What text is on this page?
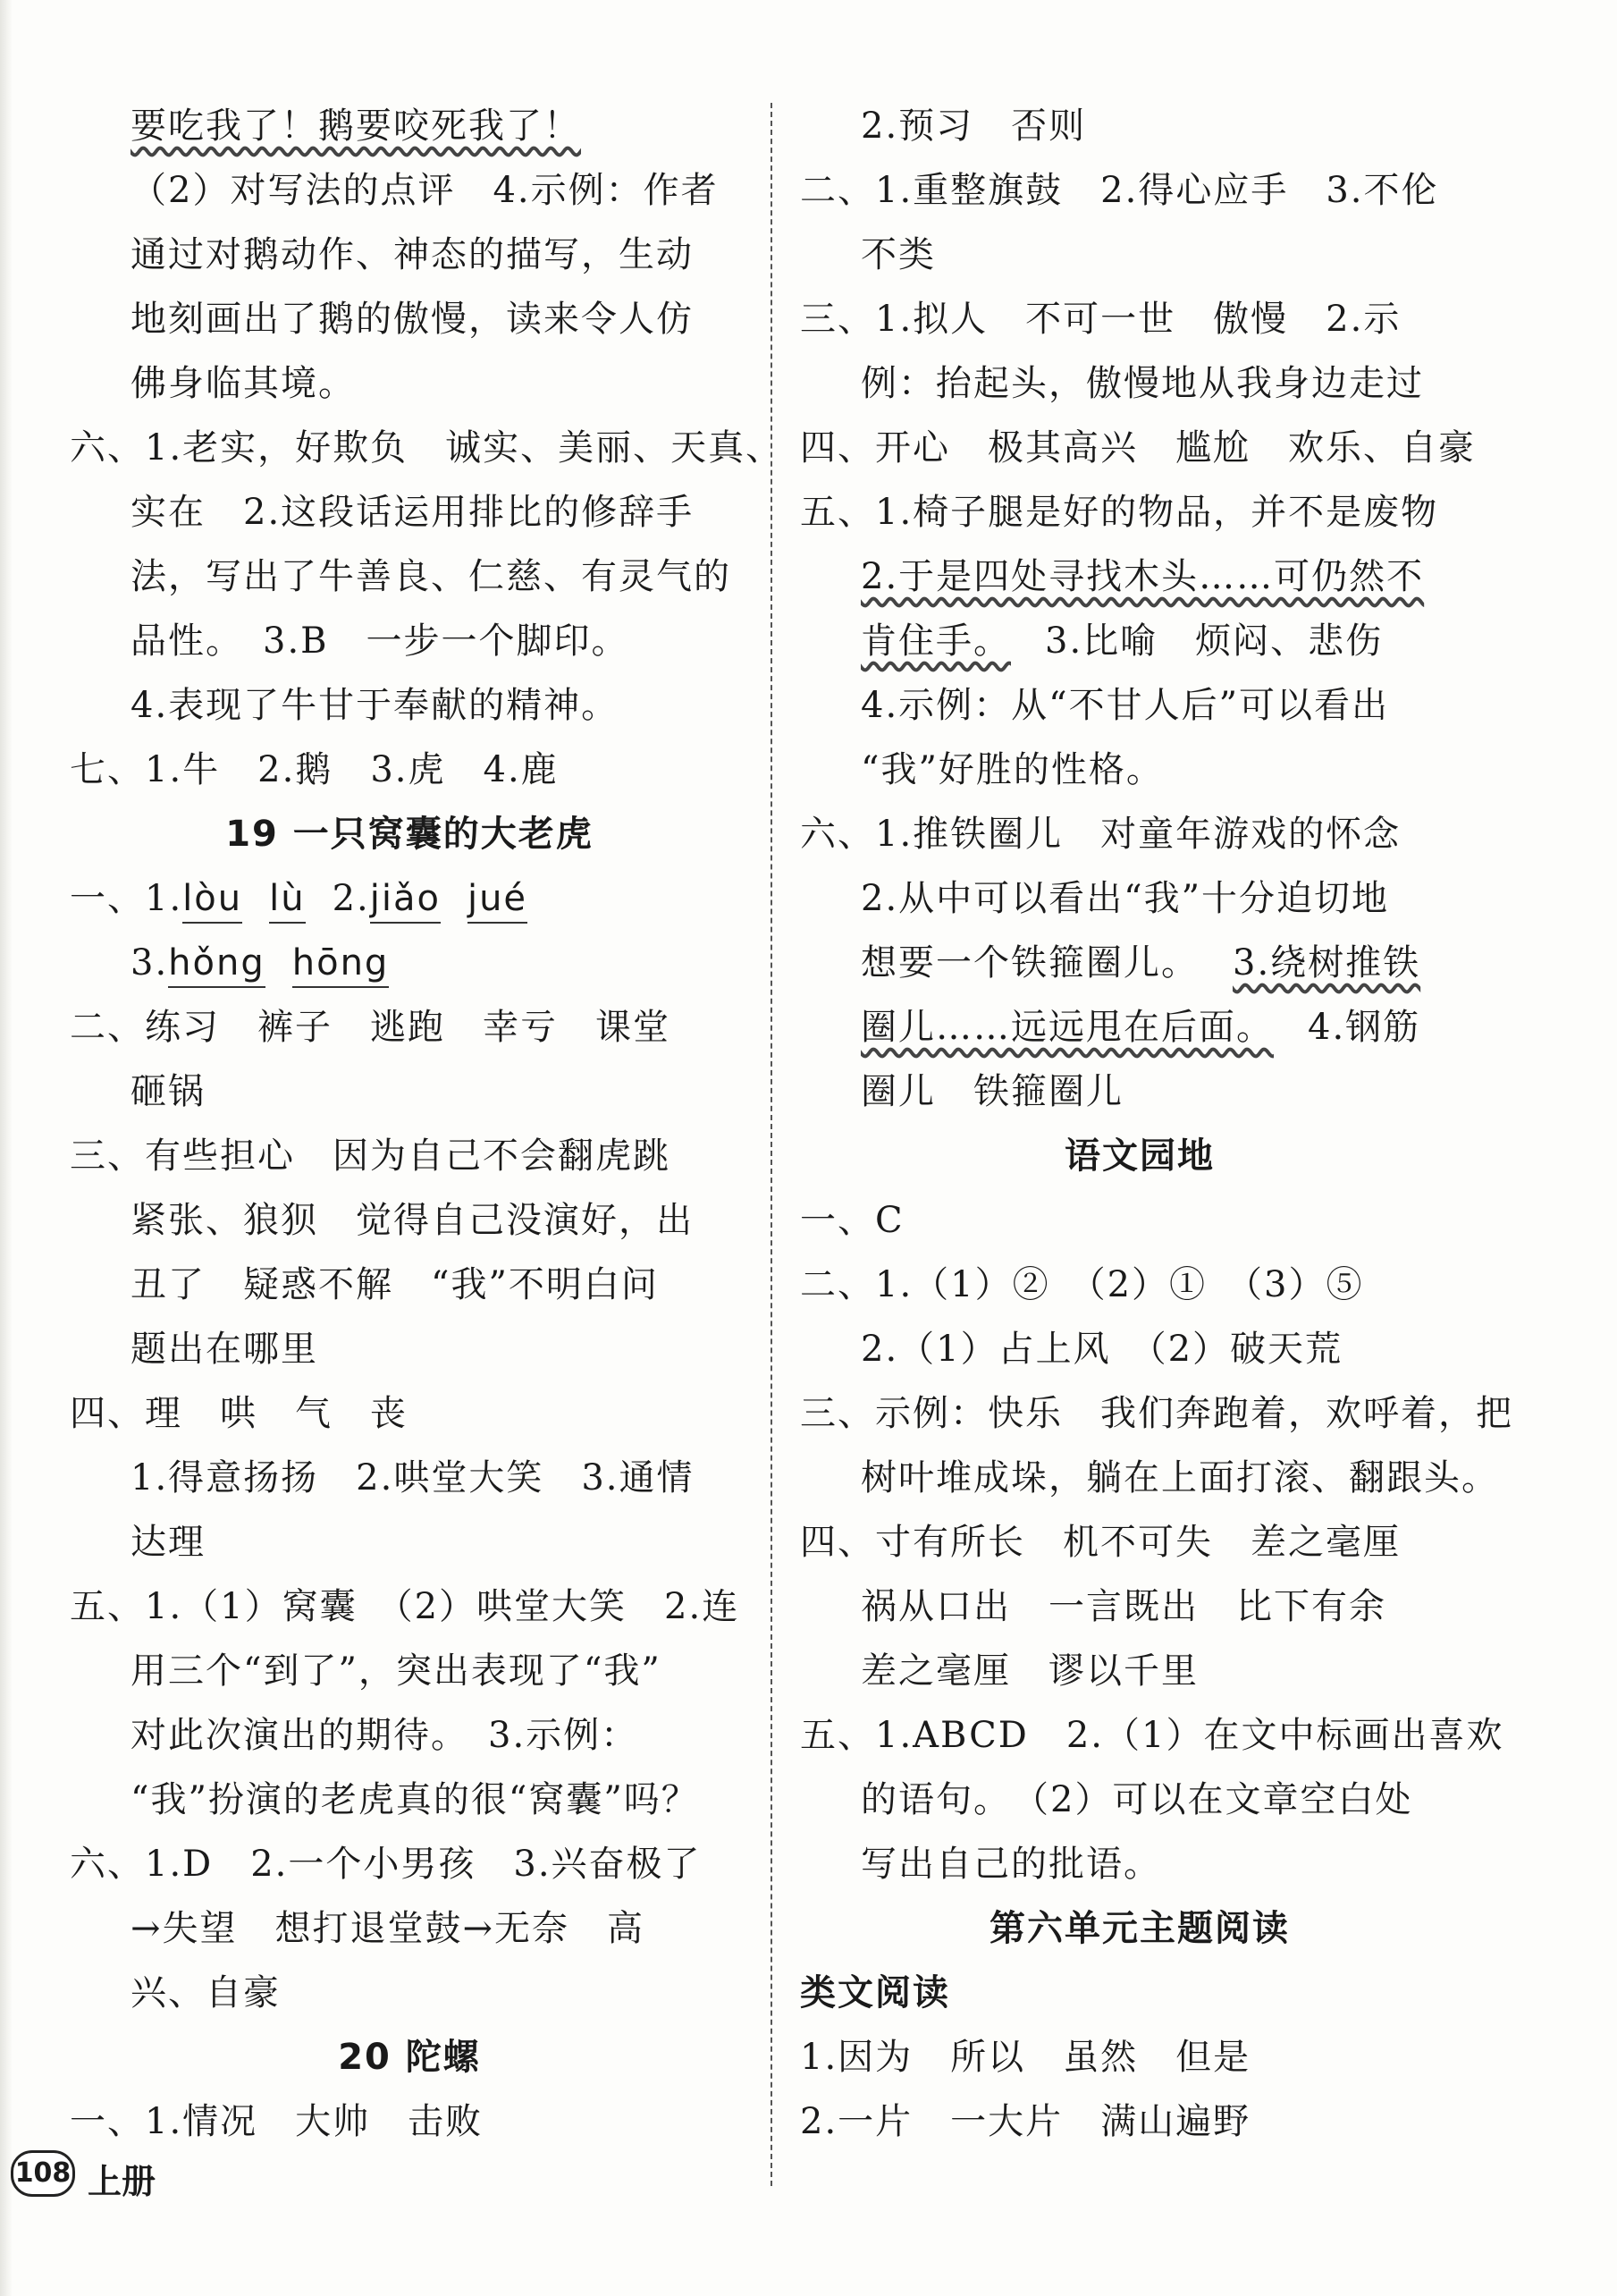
要吃我了！鹅要咬死我了！
（2）对写法的点评　4.示例：作者
通过对鹅动作、神态的描写，生动
地刻画出了鹅的傲慢，读来令人仿
佛身临其境。
六、1.老实，好欺负　诚实、美丽、天真、
实在　2.这段话运用排比的修辞手
法，写出了牛善良、仁慈、有灵气的
品性。　3.B　一步一个脚印。
4.表现了牛甘于奉献的精神。
七、1.牛　2.鹅　3.虎　4.鹿
19 一只窝囊的大老虎
一、1.lòu lù 2.jiǎo jué
3.hǒng hōng
二、练习　裤子　逃跑　幸亏　课堂
砸锅
三、有些担心　因为自己不会翻虎跳
紧张、狼狈　觉得自己没演好，出
丑了　疑惑不解　“我”不明白问
题出在哪里
四、理　哄　气　丧
1.得意扬扬　2.哄堂大笑　3.通情
达理
五、1.（1）窝囊　（2）哄堂大笑　2.连
用三个“到了”，突出表现了“我”
对此次演出的期待。　3.示例：
“我”扮演的老虎真的很“窝囊”吗？
六、1.D　2.一个小男孩　3.兴奋极了
→失望　想打退堂鼓→无奈　高
兴、自豪
20 陀螺
一、1.情况　大帅　击败
2.预习　否则
二、1.重整旗鼓　2.得心应手　3.不伦
不类
三、1.拟人　不可一世　傲慢　2.示
例：抬起头，傲慢地从我身边走过
四、开心　极其高兴　尴尬　欢乐、自豪
五、1.椅子腿是好的物品，并不是废物
2.于是四处寻找木头……可仍然不
肯住手。 3.比喻　烦闷、悲伤
4.示例：从“不甘人后”可以看出
“我”好胜的性格。
六、1.推铁圈儿　对童年游戏的怀念
2.从中可以看出“我”十分迫切地
想要一个铁箍圈儿。 3.绕树推铁
圈儿……远远甩在后面。 4.钢筋
圈儿　铁箍圈儿
语文园地
一、C
二、1.（1）②　（2）①　（3）⑤
2.（1）占上风　（2）破天荒
三、示例：快乐　我们奔跑着，欢呼着，把
树叶堆成垛，躺在上面打滚、翻跟头。
四、寸有所长　机不可失　差之毫厘
祸从口出　一言既出　比下有余
差之毫厘　谬以千里
五、1.ABCD　2.（1）在文中标画出喜欢
的语句。　（2）可以在文章空白处
写出自己的批语。
第六单元主题阅读
类文阅读
1.因为　所以　虽然　但是
2.一片　一大片　满山遍野
108 上册
